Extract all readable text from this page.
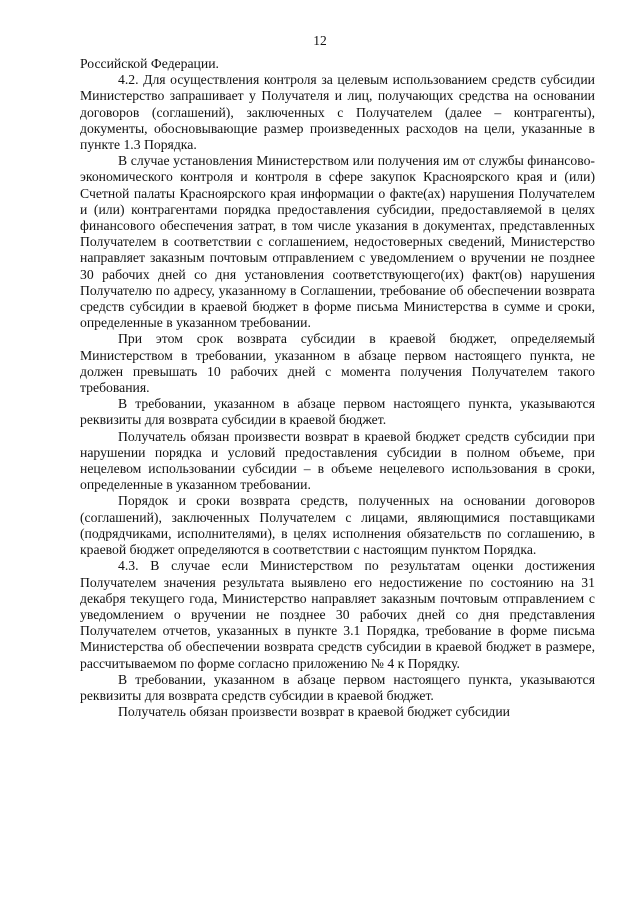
12

Российской Федерации.

4.2. Для осуществления контроля за целевым использованием средств субсидии Министерство запрашивает у Получателя и лиц, получающих средства на основании договоров (соглашений), заключенных с Получателем (далее – контрагенты), документы, обосновывающие размер произведенных расходов на цели, указанные в пункте 1.3 Порядка.

В случае установления Министерством или получения им от службы финансово-экономического контроля и контроля в сфере закупок Красноярского края и (или) Счетной палаты Красноярского края информации о факте(ах) нарушения Получателем и (или) контрагентами порядка предоставления субсидии, предоставляемой в целях финансового обеспечения затрат, в том числе указания в документах, представленных Получателем в соответствии с соглашением, недостоверных сведений, Министерство направляет заказным почтовым отправлением с уведомлением о вручении не позднее 30 рабочих дней со дня установления соответствующего(их) факт(ов) нарушения Получателю по адресу, указанному в Соглашении, требование об обеспечении возврата средств субсидии в краевой бюджет в форме письма Министерства в сумме и сроки, определенные в указанном требовании.

При этом срок возврата субсидии в краевой бюджет, определяемый Министерством в требовании, указанном в абзаце первом настоящего пункта, не должен превышать 10 рабочих дней с момента получения Получателем такого требования.

В требовании, указанном в абзаце первом настоящего пункта, указываются реквизиты для возврата субсидии в краевой бюджет.

Получатель обязан произвести возврат в краевой бюджет средств субсидии при нарушении порядка и условий предоставления субсидии в полном объеме, при нецелевом использовании субсидии – в объеме нецелевого использования в сроки, определенные в указанном требовании.

Порядок и сроки возврата средств, полученных на основании договоров (соглашений), заключенных Получателем с лицами, являющимися поставщиками (подрядчиками, исполнителями), в целях исполнения обязательств по соглашению, в краевой бюджет определяются в соответствии с настоящим пунктом Порядка.

4.3. В случае если Министерством по результатам оценки достижения Получателем значения результата выявлено его недостижение по состоянию на 31 декабря текущего года, Министерство направляет заказным почтовым отправлением с уведомлением о вручении не позднее 30 рабочих дней со дня представления Получателем отчетов, указанных в пункте 3.1 Порядка, требование в форме письма Министерства об обеспечении возврата средств субсидии в краевой бюджет в размере, рассчитываемом по форме согласно приложению № 4 к Порядку.

В требовании, указанном в абзаце первом настоящего пункта, указываются реквизиты для возврата средств субсидии в краевой бюджет.

Получатель обязан произвести возврат в краевой бюджет субсидии
